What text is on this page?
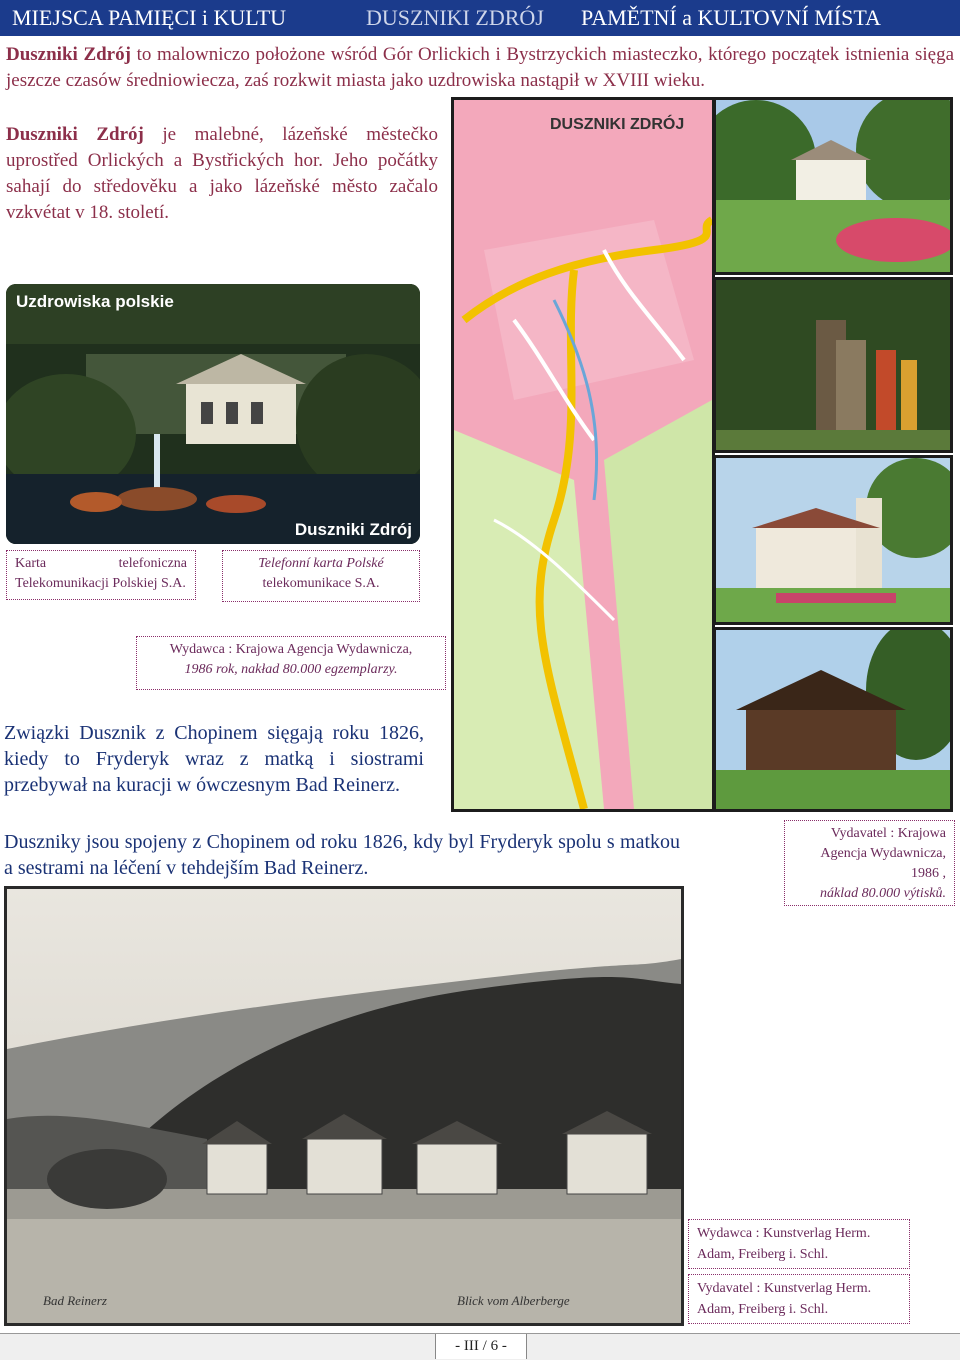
MIEJSCA PAMIĘCI i KULTU	DUSZNIKI ZDRÓJ PAMĚTNÍ a KULTOVNÍ MÍSTA
Duszniki Zdrój to malowniczo położone wśród Gór Orlickich i Bystrzyckich miasteczko, którego początek istnienia sięga jeszcze czasów średniowiecza, zaś rozkwit miasta jako uzdrowiska nastąpił w XVIII wieku.
Duszniki Zdrój je malebné, lázeňské městečko uprostřed Orlických a Bystřických hor. Jeho počátky sahají do středověku a jako lázeňské město začalo vzkvétat v 18. století.
Uzdrowiska polskie
Duszniki Zdrój
Karta telefoniczna Telekomunikacji Polskiej S.A.
Telefonní karta Polské
telekomunikace S.A.
DUSZNIKI ZDRÓJ
Wydawca : Krajowa Agencja Wydawnicza,
1986 rok, nakład 80.000 egzemplarzy.
Związki Dusznik z Chopinem sięgają roku 1826, kiedy to Fryderyk wraz z matką i siostrami przebywał na kuracji w ówczesnym Bad Reinerz.
Duszniky jsou spojeny z Chopinem od roku 1826, kdy byl Fryderyk spolu s matkou a sestrami na léčení v tehdejším Bad Reinerz.
Vydavatel : Krajowa
Agencja Wydawnicza,
1986 ,
náklad 80.000 výtisků.
Bad Reinerz	Blick vom Alberberge
Wydawca : Kunstverlag Herm. Adam, Freiberg i. Schl.
Vydavatel : Kunstverlag Herm. Adam, Freiberg i. Schl.
- III / 6 -
